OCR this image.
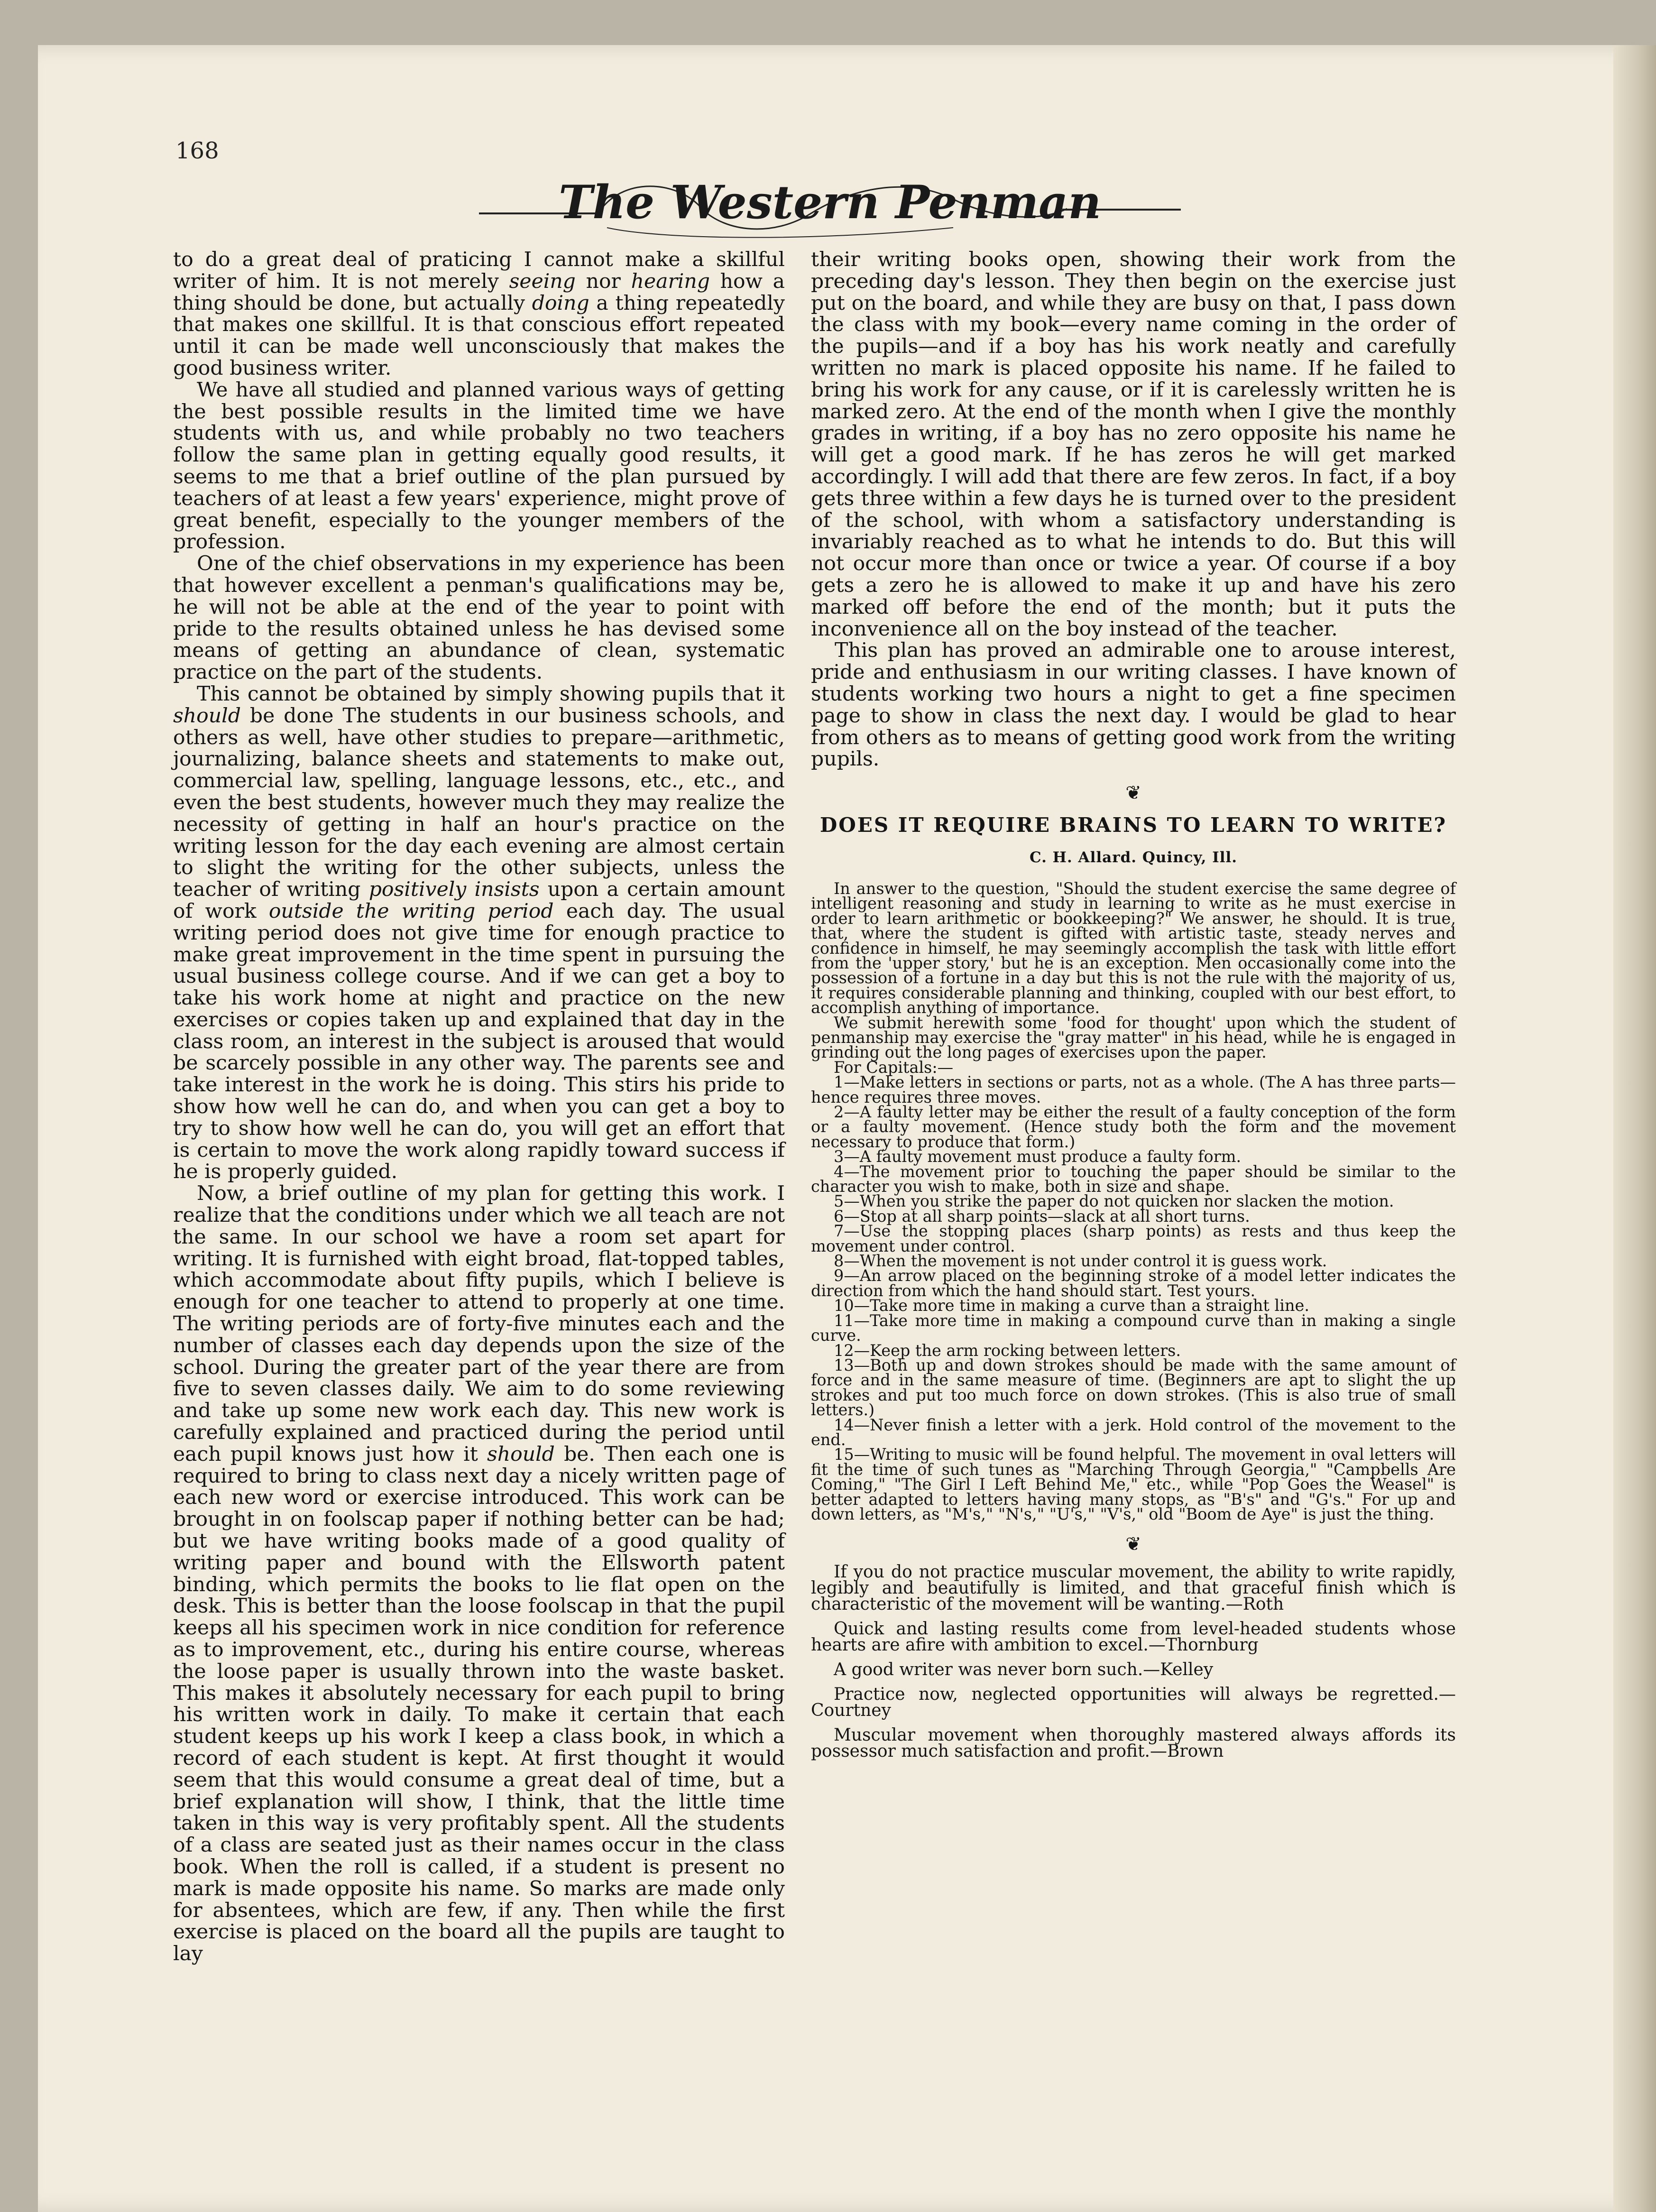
168
The Western Penman

to do a great deal of praticing I cannot make a skillful writer of him. It is not merely seeing nor hearing how a thing should be done, but actually doing a thing repeatedly that makes one skillful. It is that conscious effort repeated until it can be made well unconsciously that makes the good business writer.

We have all studied and planned various ways of getting the best possible results in the limited time we have students with us, and while probably no two teachers follow the same plan in getting equally good results, it seems to me that a brief outline of the plan pursued by teachers of at least a few years' experience, might prove of great benefit, especially to the younger members of the profession.

One of the chief observations in my experience has been that however excellent a penman's qualifications may be, he will not be able at the end of the year to point with pride to the results obtained unless he has devised some means of getting an abundance of clean, systematic practice on the part of the students.

This cannot be obtained by simply showing pupils that it should be done The students in our business schools, and others as well, have other studies to prepare—arithmetic, journalizing, balance sheets and statements to make out, commercial law, spelling, language lessons, etc., etc., and even the best students, however much they may realize the necessity of getting in half an hour's practice on the writing lesson for the day each evening are almost certain to slight the writing for the other subjects, unless the teacher of writing positively insists upon a certain amount of work outside the writing period each day. The usual writing period does not give time for enough practice to make great improvement in the time spent in pursuing the usual business college course. And if we can get a boy to take his work home at night and practice on the new exercises or copies taken up and explained that day in the class room, an interest in the subject is aroused that would be scarcely possible in any other way. The parents see and take interest in the work he is doing. This stirs his pride to show how well he can do, and when you can get a boy to try to show how well he can do, you will get an effort that is certain to move the work along rapidly toward success if he is properly guided.

Now, a brief outline of my plan for getting this work. I realize that the conditions under which we all teach are not the same. In our school we have a room set apart for writing. It is furnished with eight broad, flat-topped tables, which accommodate about fifty pupils, which I believe is enough for one teacher to attend to properly at one time. The writing periods are of forty-five minutes each and the number of classes each day depends upon the size of the school. During the greater part of the year there are from five to seven classes daily. We aim to do some reviewing and take up some new work each day. This new work is carefully explained and practiced during the period until each pupil knows just how it should be. Then each one is required to bring to class next day a nicely written page of each new word or exercise introduced. This work can be brought in on foolscap paper if nothing better can be had; but we have writing books made of a good quality of writing paper and bound with the Ellsworth patent binding, which permits the books to lie flat open on the desk. This is better than the loose foolscap in that the pupil keeps all his specimen work in nice condition for reference as to improvement, etc., during his entire course, whereas the loose paper is usually thrown into the waste basket. This makes it absolutely necessary for each pupil to bring his written work in daily. To make it certain that each student keeps up his work I keep a class book, in which a record of each student is kept. At first thought it would seem that this would consume a great deal of time, but a brief explanation will show, I think, that the little time taken in this way is very profitably spent. All the students of a class are seated just as their names occur in the class book. When the roll is called, if a student is present no mark is made opposite his name. So marks are made only for absentees, which are few, if any. Then while the first exercise is placed on the board all the pupils are taught to lay

their writing books open, showing their work from the preceding day's lesson. They then begin on the exercise just put on the board, and while they are busy on that, I pass down the class with my book—every name coming in the order of the pupils—and if a boy has his work neatly and carefully written no mark is placed opposite his name. If he failed to bring his work for any cause, or if it is carelessly written he is marked zero. At the end of the month when I give the monthly grades in writing, if a boy has no zero opposite his name he will get a good mark. If he has zeros he will get marked accordingly. I will add that there are few zeros. In fact, if a boy gets three within a few days he is turned over to the president of the school, with whom a satisfactory understanding is invariably reached as to what he intends to do. But this will not occur more than once or twice a year. Of course if a boy gets a zero he is allowed to make it up and have his zero marked off before the end of the month; but it puts the inconvenience all on the boy instead of the teacher.

This plan has proved an admirable one to arouse interest, pride and enthusiasm in our writing classes. I have known of students working two hours a night to get a fine specimen page to show in class the next day. I would be glad to hear from others as to means of getting good work from the writing pupils.

❦
DOES IT REQUIRE BRAINS TO LEARN TO WRITE?
C. H. Allard. Quincy, Ill.

In answer to the question, "Should the student exercise the same degree of intelligent reasoning and study in learning to write as he must exercise in order to learn arithmetic or bookkeeping?" We answer, he should. It is true, that, where the student is gifted with artistic taste, steady nerves and confidence in himself, he may seemingly accomplish the task with little effort from the 'upper story,' but he is an exception. Men occasionally come into the possession of a fortune in a day but this is not the rule with the majority of us, it requires considerable planning and thinking, coupled with our best effort, to accomplish anything of importance.

We submit herewith some 'food for thought' upon which the student of penmanship may exercise the "gray matter" in his head, while he is engaged in grinding out the long pages of exercises upon the paper.

For Capitals:—

1—Make letters in sections or parts, not as a whole. (The A has three parts—hence requires three moves.

2—A faulty letter may be either the result of a faulty conception of the form or a faulty movement. (Hence study both the form and the movement necessary to produce that form.)

3—A faulty movement must produce a faulty form.

4—The movement prior to touching the paper should be similar to the character you wish to make, both in size and shape.

5—When you strike the paper do not quicken nor slacken the motion.

6—Stop at all sharp points—slack at all short turns.

7—Use the stopping places (sharp points) as rests and thus keep the movement under control.

8—When the movement is not under control it is guess work.

9—An arrow placed on the beginning stroke of a model letter indicates the direction from which the hand should start. Test yours.

10—Take more time in making a curve than a straight line.

11—Take more time in making a compound curve than in making a single curve.

12—Keep the arm rocking between letters.

13—Both up and down strokes should be made with the same amount of force and in the same measure of time. (Beginners are apt to slight the up strokes and put too much force on down strokes. (This is also true of small letters.)

14—Never finish a letter with a jerk. Hold control of the movement to the end.

15—Writing to music will be found helpful. The movement in oval letters will fit the time of such tunes as "Marching Through Georgia," "Campbells Are Coming," "The Girl I Left Behind Me," etc., while "Pop Goes the Weasel" is better adapted to letters having many stops, as "B's" and "G's." For up and down letters, as "M's," "N's," "U's," "V's," old "Boom de Aye" is just the thing.

❦

If you do not practice muscular movement, the ability to write rapidly, legibly and beautifully is limited, and that graceful finish which is characteristic of the movement will be wanting.—Roth

Quick and lasting results come from level-headed students whose hearts are afire with ambition to excel.—Thornburg

A good writer was never born such.—Kelley

Practice now, neglected opportunities will always be regretted.—Courtney

Muscular movement when thoroughly mastered always affords its possessor much satisfaction and profit.—Brown
